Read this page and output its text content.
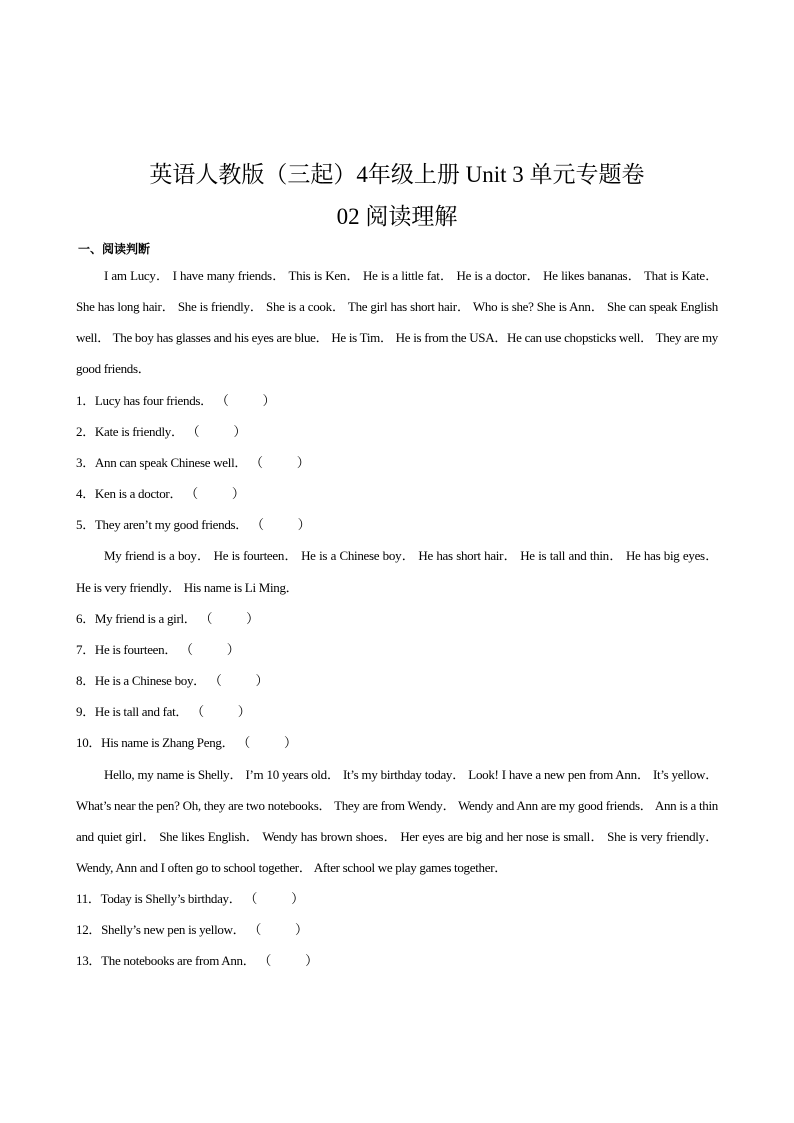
英语人教版（三起）4年级上册 Unit 3 单元专题卷
02 阅读理解
一、阅读判断

I am Lucy． I have many friends． This is Ken． He is a little fat． He is a doctor． He likes bananas． That is Kate． She has long hair． She is friendly． She is a cook． The girl has short hair． Who is she? She is Ann． She can speak English well． The boy has glasses and his eyes are blue． He is Tim． He is from the USA．He can use chopsticks well． They are my good friends．

1．Lucy has four friends． （	）

2．Kate is friendly． （	）

3．Ann can speak Chinese well． （	）

4．Ken is a doctor． （	）

5．They aren’t my good friends． （	）

My friend is a boy． He is fourteen． He is a Chinese boy． He has short hair． He is tall and thin． He has big eyes． He is very friendly． His name is Li Ming．

6．My friend is a girl． （	）

7．He is fourteen． （	）

8．He is a Chinese boy． （	）

9．He is tall and fat． （	）

10．His name is Zhang Peng． （	）

Hello, my name is Shelly． I’m 10 years old． It’s my birthday today． Look! I have a new pen from Ann． It’s yellow． What’s near the pen? Oh, they are two notebooks． They are from Wendy． Wendy and Ann are my good friends． Ann is a thin and quiet girl． She likes English． Wendy has brown shoes． Her eyes are big and her nose is small． She is very friendly． Wendy, Ann and I often go to school together． After school we play games together．

11．Today is Shelly’s birthday． （	）

12．Shelly’s new pen is yellow． （	）

13．The notebooks are from Ann． （	）
